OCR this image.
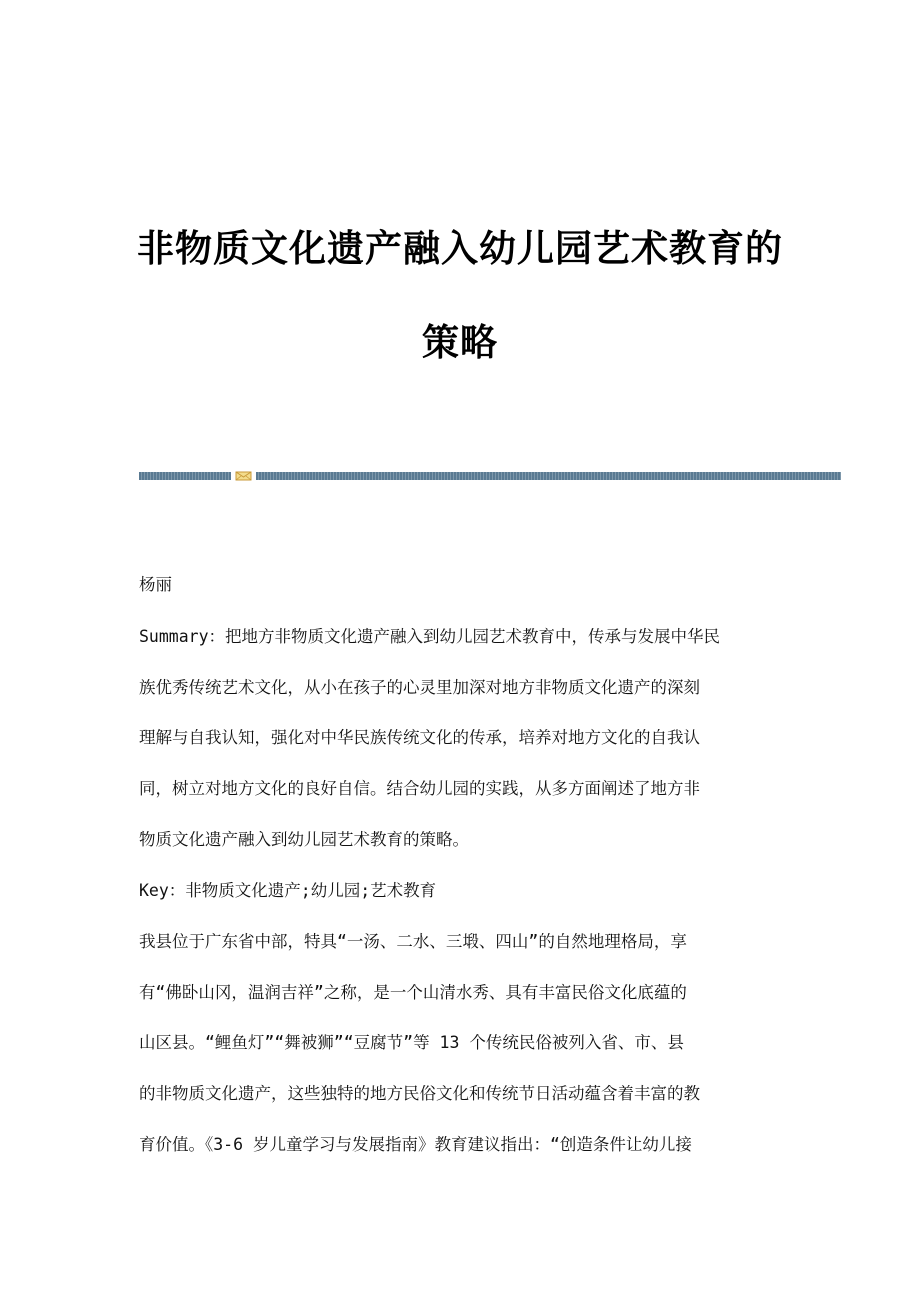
非物质文化遗产融入幼儿园艺术教育的
策略
杨丽
Summary：把地方非物质文化遗产融入到幼儿园艺术教育中，传承与发展中华民
族优秀传统艺术文化，从小在孩子的心灵里加深对地方非物质文化遗产的深刻
理解与自我认知，强化对中华民族传统文化的传承，培养对地方文化的自我认
同，树立对地方文化的良好自信。结合幼儿园的实践，从多方面阐述了地方非
物质文化遗产融入到幼儿园艺术教育的策略。
Key：非物质文化遗产;幼儿园;艺术教育
我县位于广东省中部，特具“一汤、二水、三塅、四山”的自然地理格局，享
有“佛卧山冈，温润吉祥”之称，是一个山清水秀、具有丰富民俗文化底蕴的
山区县。“鲤鱼灯”“舞被狮”“豆腐节”等 13 个传统民俗被列入省、市、县
的非物质文化遗产，这些独特的地方民俗文化和传统节日活动蕴含着丰富的教
育价值。《3-6 岁儿童学习与发展指南》教育建议指出：“创造条件让幼儿接
